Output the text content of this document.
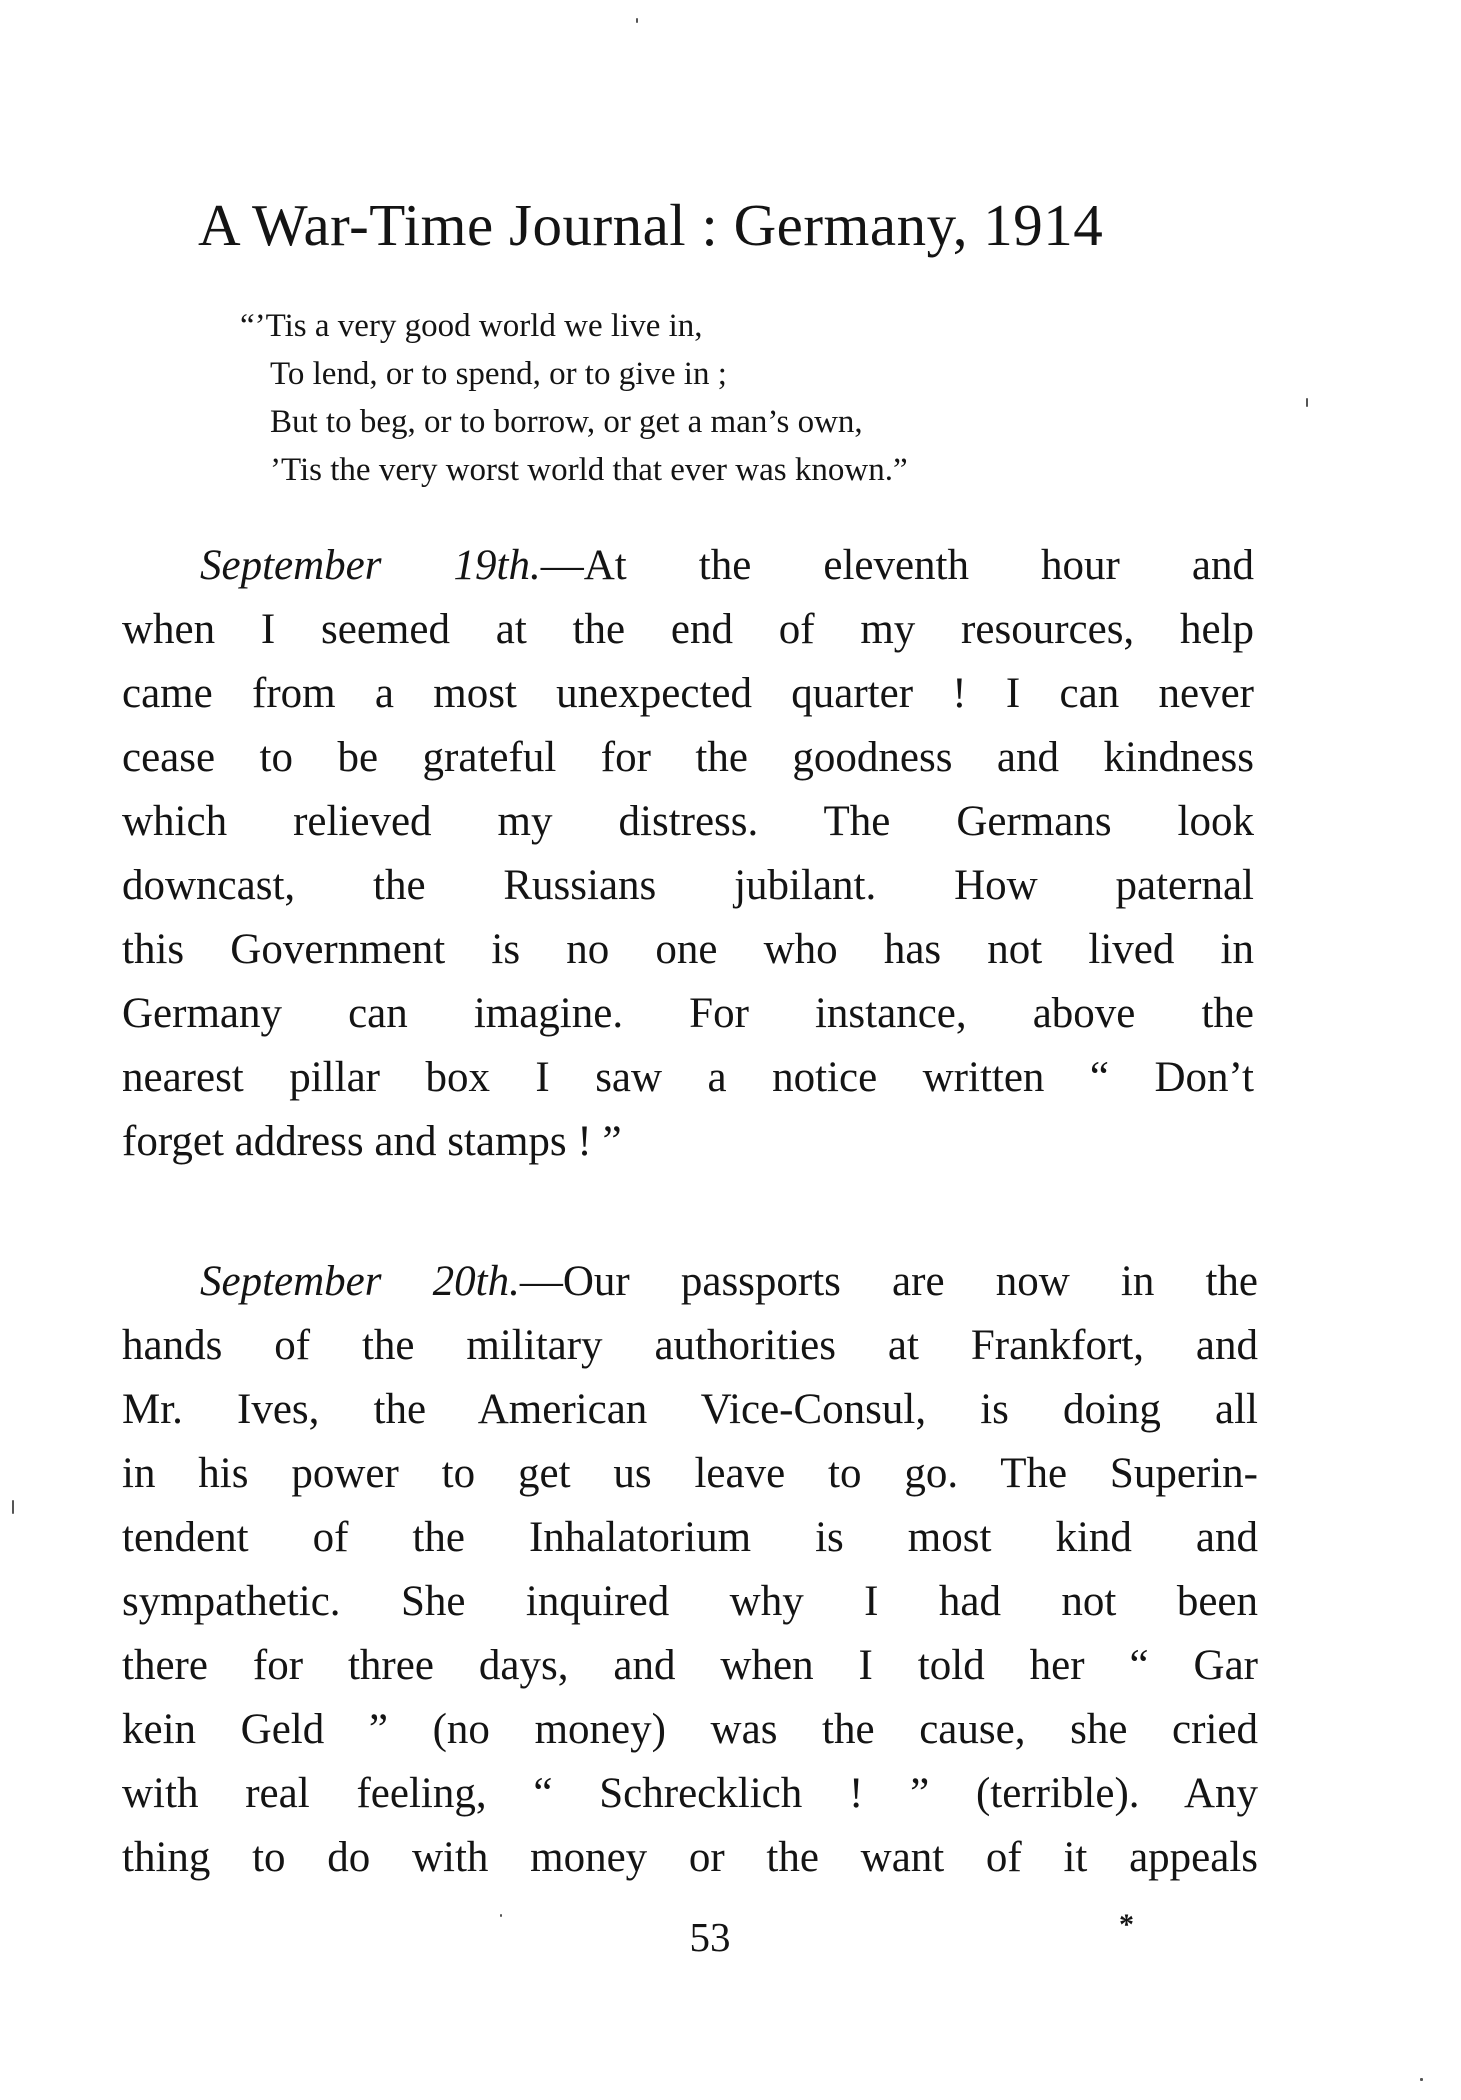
A War-Time Journal : Germany, 1914
“’Tis a very good world we live in,
To lend, or to spend, or to give in ;
But to beg, or to borrow, or get a man’s own,
’Tis the very worst world that ever was known.”
September 19th.—At the eleventh hour and
when I seemed at the end of my resources, help
came from a most unexpected quarter ! I can never
cease to be grateful for the goodness and kindness
which relieved my distress. The Germans look
downcast, the Russians jubilant. How paternal
this Government is no one who has not lived in
Germany can imagine. For instance, above the
nearest pillar box I saw a notice written “ Don’t
forget address and stamps ! ”
September 20th.—Our passports are now in the
hands of the military authorities at Frankfort, and
Mr. Ives, the American Vice-Consul, is doing all
in his power to get us leave to go. The Superin-
tendent of the Inhalatorium is most kind and
sympathetic. She inquired why I had not been
there for three days, and when I told her “ Gar
kein Geld ” (no money) was the cause, she cried
with real feeling, “ Schrecklich ! ” (terrible). Any
thing to do with money or the want of it appeals
53	*
